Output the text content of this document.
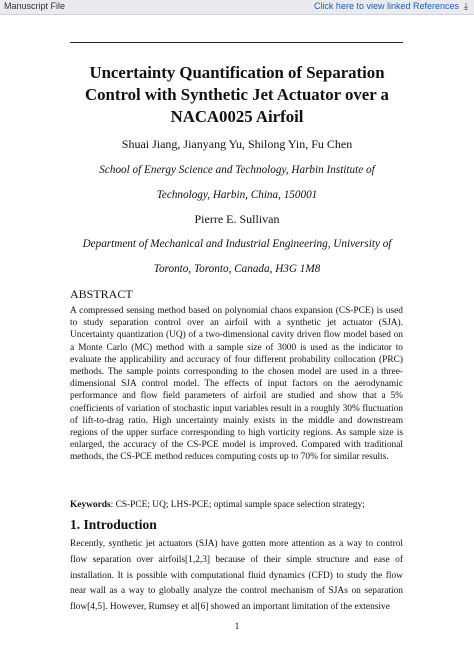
Manuscript File	Click here to view linked References ⤓
Uncertainty Quantification of Separation
Control with Synthetic Jet Actuator over a
NACA0025 Airfoil

Shuai Jiang, Jianyang Yu, Shilong Yin, Fu Chen

School of Energy Science and Technology, Harbin Institute of

Technology, Harbin, China, 150001

Pierre E. Sullivan

Department of Mechanical and Industrial Engineering, University of

Toronto, Toronto, Canada, H3G 1M8

ABSTRACT

A compressed sensing method based on polynomial chaos expansion (CS-PCE) is used to study separation control over an airfoil with a synthetic jet actuator (SJA). Uncertainty quantization (UQ) of a two-dimensional cavity driven flow model based on a Monte Carlo (MC) method with a sample size of 3000 is used as the indicator to evaluate the applicability and accuracy of four different probability collocation (PRC) methods. The sample points corresponding to the chosen model are used in a three-dimensional SJA control model. The effects of input factors on the aerodynamic performance and flow field parameters of airfoil are studied and show that a 5% coefficients of variation of stochastic input variables result in a roughly 30% fluctuation of lift-to-drag ratio. High uncertainty mainly exists in the middle and downstream regions of the upper surface corresponding to high vorticity regions. As sample size is enlarged, the accuracy of the CS-PCE model is improved. Compared with traditional methods, the CS-PCE method reduces computing costs up to 70% for similar results.

Keywords: CS-PCE; UQ; LHS-PCE; optimal sample space selection strategy;

1. Introduction

Recently, synthetic jet actuators (SJA) have gotten more attention as a way to control flow separation over airfoils[1,2,3] because of their simple structure and ease of installation. It is possible with computational fluid dynamics (CFD) to study the flow near wall as a way to globally analyze the control mechanism of SJAs on separation flow[4,5]. However, Rumsey et al[6] showed an important limitation of the extensive

1
